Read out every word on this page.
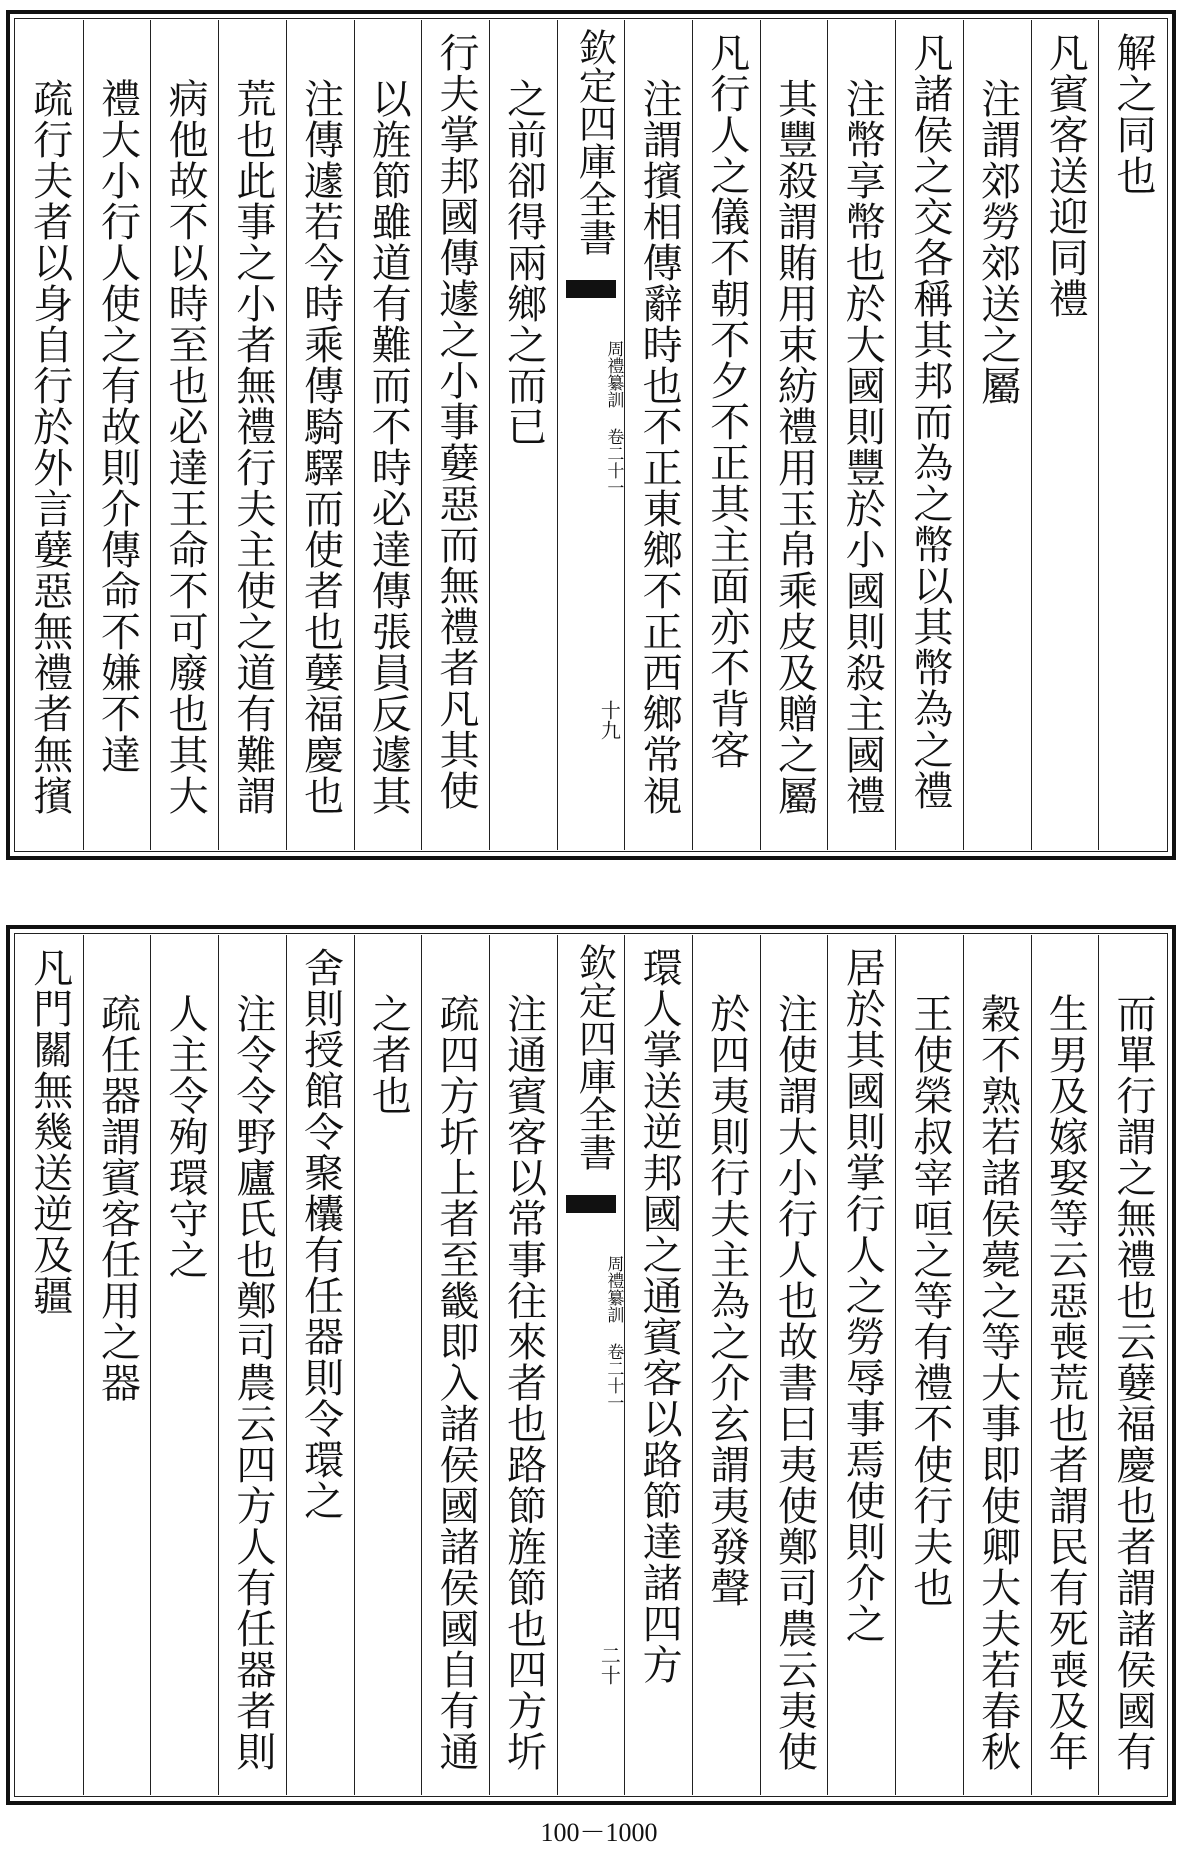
解之同也
凡賓客送迎同禮
注謂郊勞郊送之屬
凡諸侯之交各稱其邦而為之幣以其幣為之禮
注幣享幣也於大國則豐於小國則殺主國禮
其豐殺謂賄用束紡禮用玉帛乘皮及贈之屬
凡行人之儀不朝不夕不正其主面亦不背客
注謂擯相傳辭時也不正東鄉不正西鄉常視
欽定四庫全書
周禮纂訓 卷二十一
十九
之前卻得兩鄉之而已
行夫掌邦國傳遽之小事㜸惡而無禮者凡其使
以旌節雖道有難而不時必達傳張員反遽其
注傳遽若今時乘傳騎驛而使者也㜸福慶也
荒也此事之小者無禮行夫主使之道有難謂
病他故不以時至也必達王命不可廢也其大
禮大小行人使之有故則介傳命不嫌不達
疏行夫者以身自行於外言㜸惡無禮者無擯
而單行謂之無禮也云㜸福慶也者謂諸侯國有
生男及嫁娶等云惡喪荒也者謂民有死喪及年
穀不熟若諸侯薨之等大事即使卿大夫若春秋
王使榮叔宰咺之等有禮不使行夫也
居於其國則掌行人之勞辱事焉使則介之
注使謂大小行人也故書曰夷使鄭司農云夷使
於四夷則行夫主為之介玄謂夷發聲
環人掌送逆邦國之通賓客以路節達諸四方
欽定四庫全書
周禮纂訓 卷二十一
二十
注通賓客以常事往來者也路節旌節也四方圻
疏四方圻上者至畿即入諸侯國諸侯國自有通
之者也
舍則授館令聚欜有任器則令環之
注令令野廬氏也鄭司農云四方人有任器者則
人主令殉環守之
疏任器謂賓客任用之器
凡門關無幾送逆及疆
100－1000
